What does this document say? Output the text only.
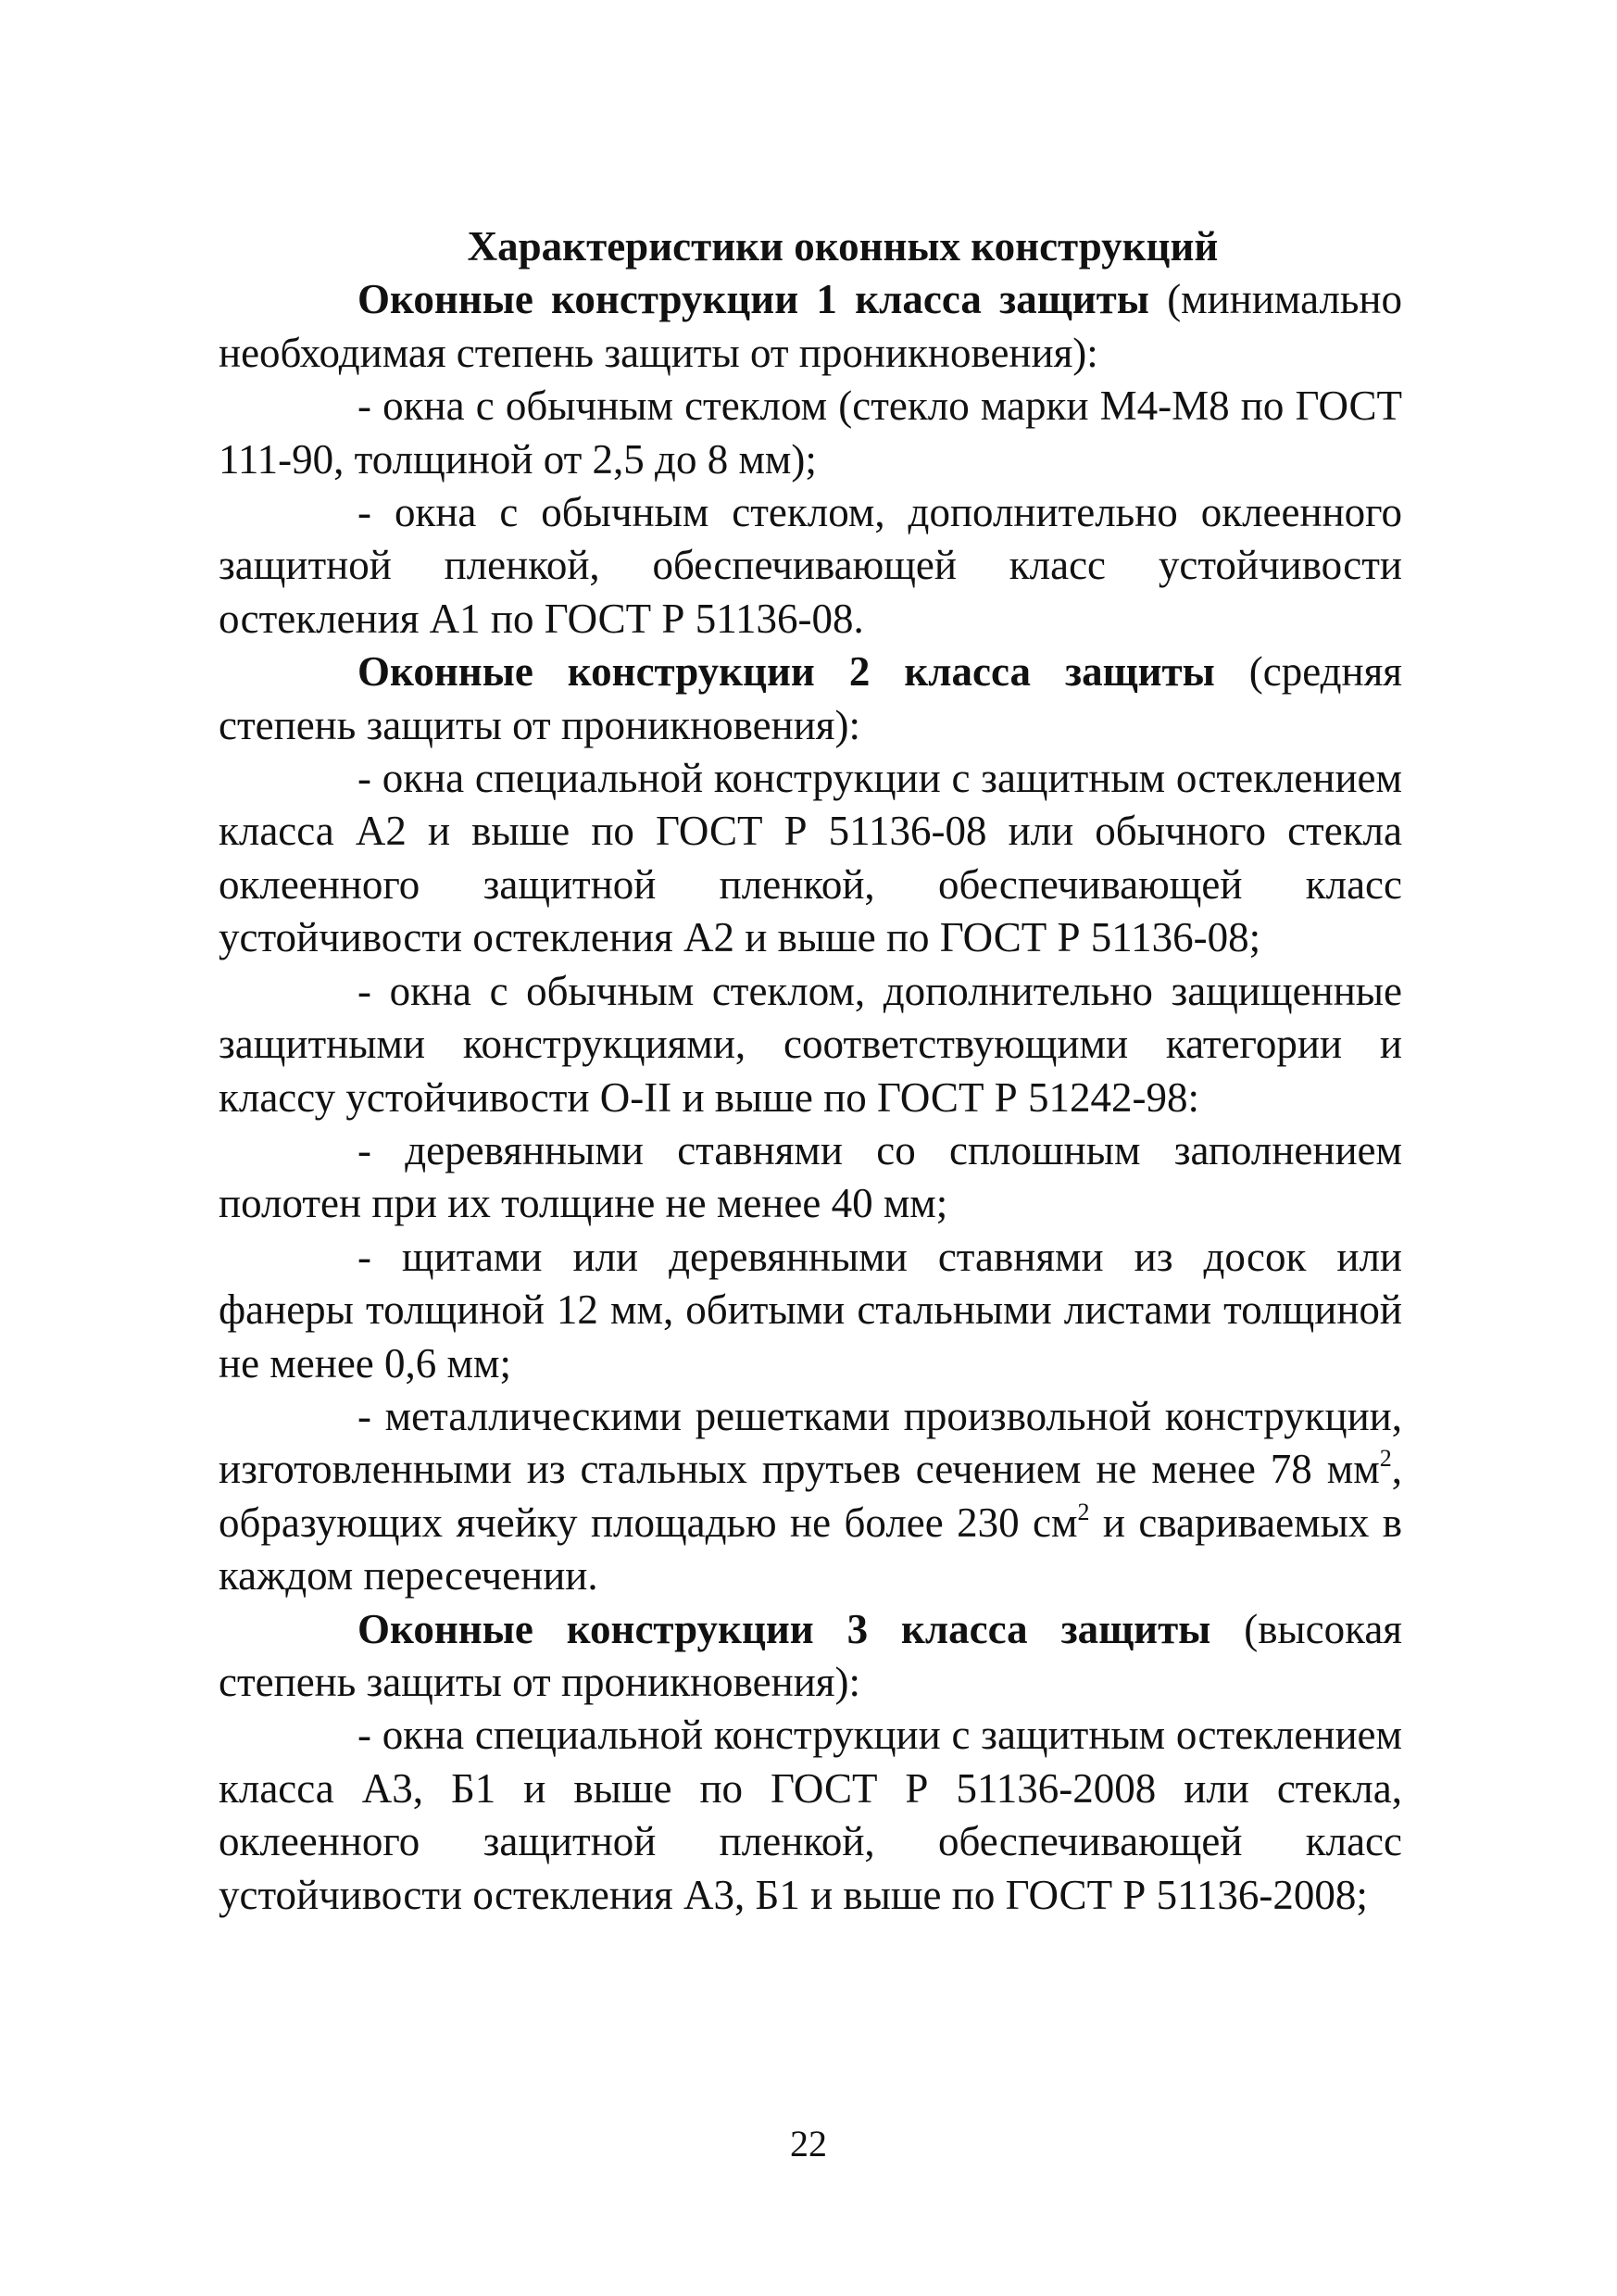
Характеристики оконных конструкций

Оконные конструкции 1 класса защиты (минимально необходимая степень защиты от проникновения):

- окна с обычным стеклом (стекло марки М4-М8 по ГОСТ 111-90, толщиной от 2,5 до 8 мм);

- окна с обычным стеклом, дополнительно оклеенного защитной пленкой, обеспечивающей класс устойчивости остекления А1 по ГОСТ Р 51136-08.

Оконные конструкции 2 класса защиты (средняя степень защиты от проникновения):

- окна специальной конструкции с защитным остеклением класса А2 и выше по ГОСТ Р 51136-08 или обычного стекла оклеенного защитной пленкой, обеспечивающей класс устойчивости остекления А2 и выше по ГОСТ Р 51136-08;

- окна с обычным стеклом, дополнительно защищенные защитными конструкциями, соответствующими категории и классу устойчивости О-II и выше по ГОСТ Р 51242-98:

- деревянными ставнями со сплошным заполнением полотен при их толщине не менее 40 мм;

- щитами или деревянными ставнями из досок или фанеры толщиной 12 мм, обитыми стальными листами толщиной не менее 0,6 мм;

- металлическими решетками произвольной конструкции, изготовленными из стальных прутьев сечением не менее 78 $мм^2$, образующих ячейку площадью не более 230 $см^2$ и свариваемых в каждом пересечении.

Оконные конструкции 3 класса защиты (высокая степень защиты от проникновения):

- окна специальной конструкции с защитным остеклением класса А3, Б1 и выше по ГОСТ Р 51136-2008 или стекла, оклеенного защитной пленкой, обеспечивающей класс устойчивости остекления А3, Б1 и выше по ГОСТ Р 51136-2008;

22
